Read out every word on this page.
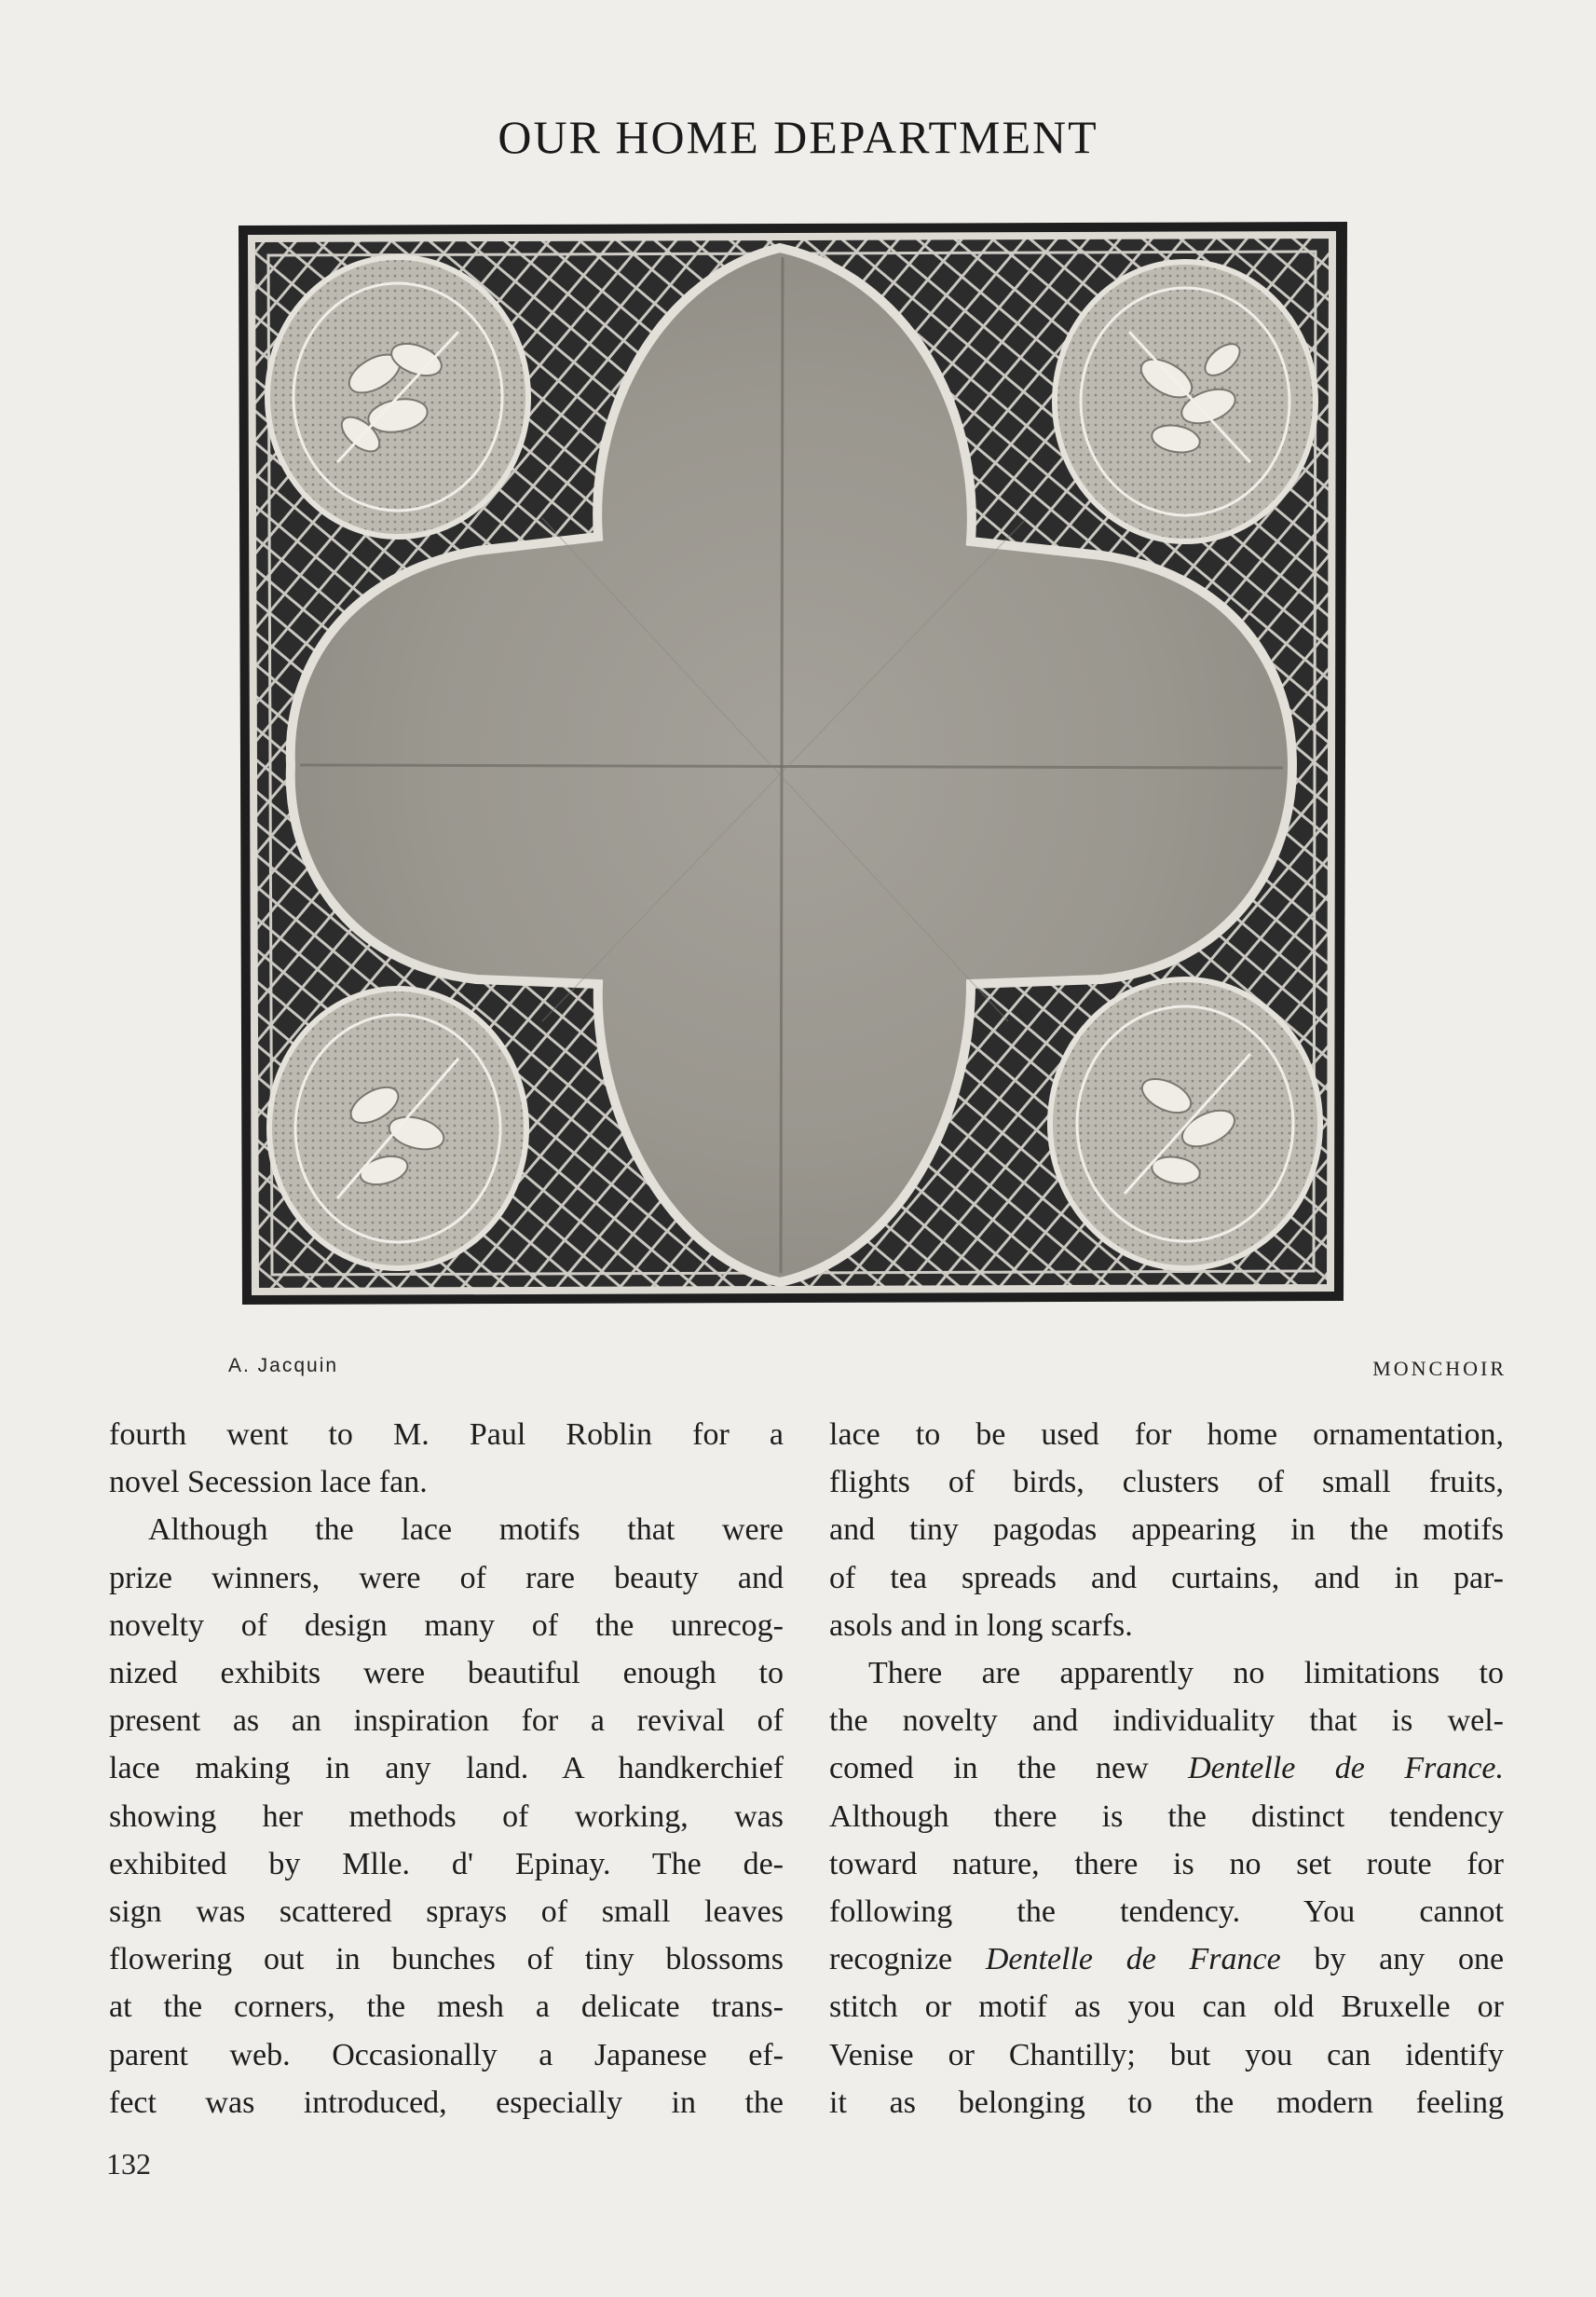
OUR HOME DEPARTMENT
A. Jacquin	MONCHOIR

fourth went to M. Paul Roblin for a

novel Secession lace fan.

Although the lace motifs that were

prize winners, were of rare beauty and

novelty of design many of the unrecog-

nized exhibits were beautiful enough to

present as an inspiration for a revival of

lace making in any land. A handkerchief

showing her methods of working, was

exhibited by Mlle. d' Epinay. The de-

sign was scattered sprays of small leaves

flowering out in bunches of tiny blossoms

at the corners, the mesh a delicate trans-

parent web. Occasionally a Japanese ef-

fect was introduced, especially in the

lace to be used for home ornamentation,

flights of birds, clusters of small fruits,

and tiny pagodas appearing in the motifs

of tea spreads and curtains, and in par-

asols and in long scarfs.

There are apparently no limitations to

the novelty and individuality that is wel-

comed in the new Dentelle de France.

Although there is the distinct tendency

toward nature, there is no set route for

following the tendency. You cannot

recognize Dentelle de France by any one

stitch or motif as you can old Bruxelle or

Venise or Chantilly; but you can identify

it as belonging to the modern feeling

132
